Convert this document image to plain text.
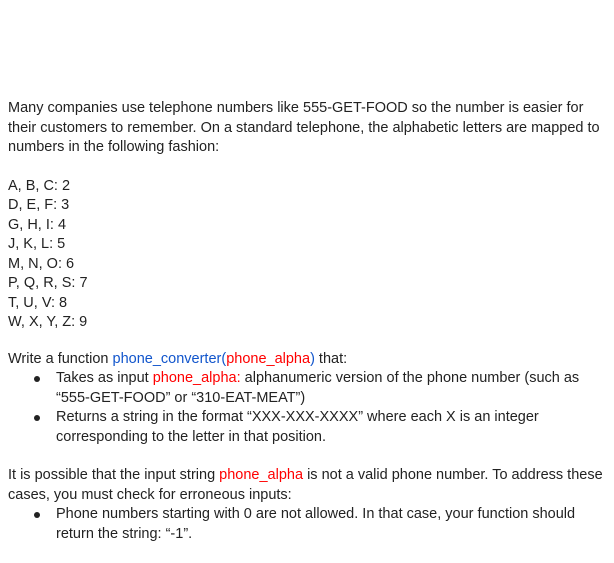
Many companies use telephone numbers like 555-GET-FOOD so the number is easier for their customers to remember. On a standard telephone, the alphabetic letters are mapped to numbers in the following fashion:

A, B, C: 2
D, E, F: 3
G, H, I: 4
J, K, L: 5
M, N, O: 6
P, Q, R, S: 7
T, U, V: 8
W, X, Y, Z: 9

Write a function phone_converter(phone_alpha) that:

Takes as input phone_alpha: alphanumeric version of the phone number (such as “555-GET-FOOD” or “310-EAT-MEAT”)
Returns a string in the format “XXX-XXX-XXXX” where each X is an integer corresponding to the letter in that position.

It is possible that the input string phone_alpha is not a valid phone number. To address these cases, you must check for erroneous inputs:

Phone numbers starting with 0 are not allowed. In that case, your function should return the string: “-1”.
